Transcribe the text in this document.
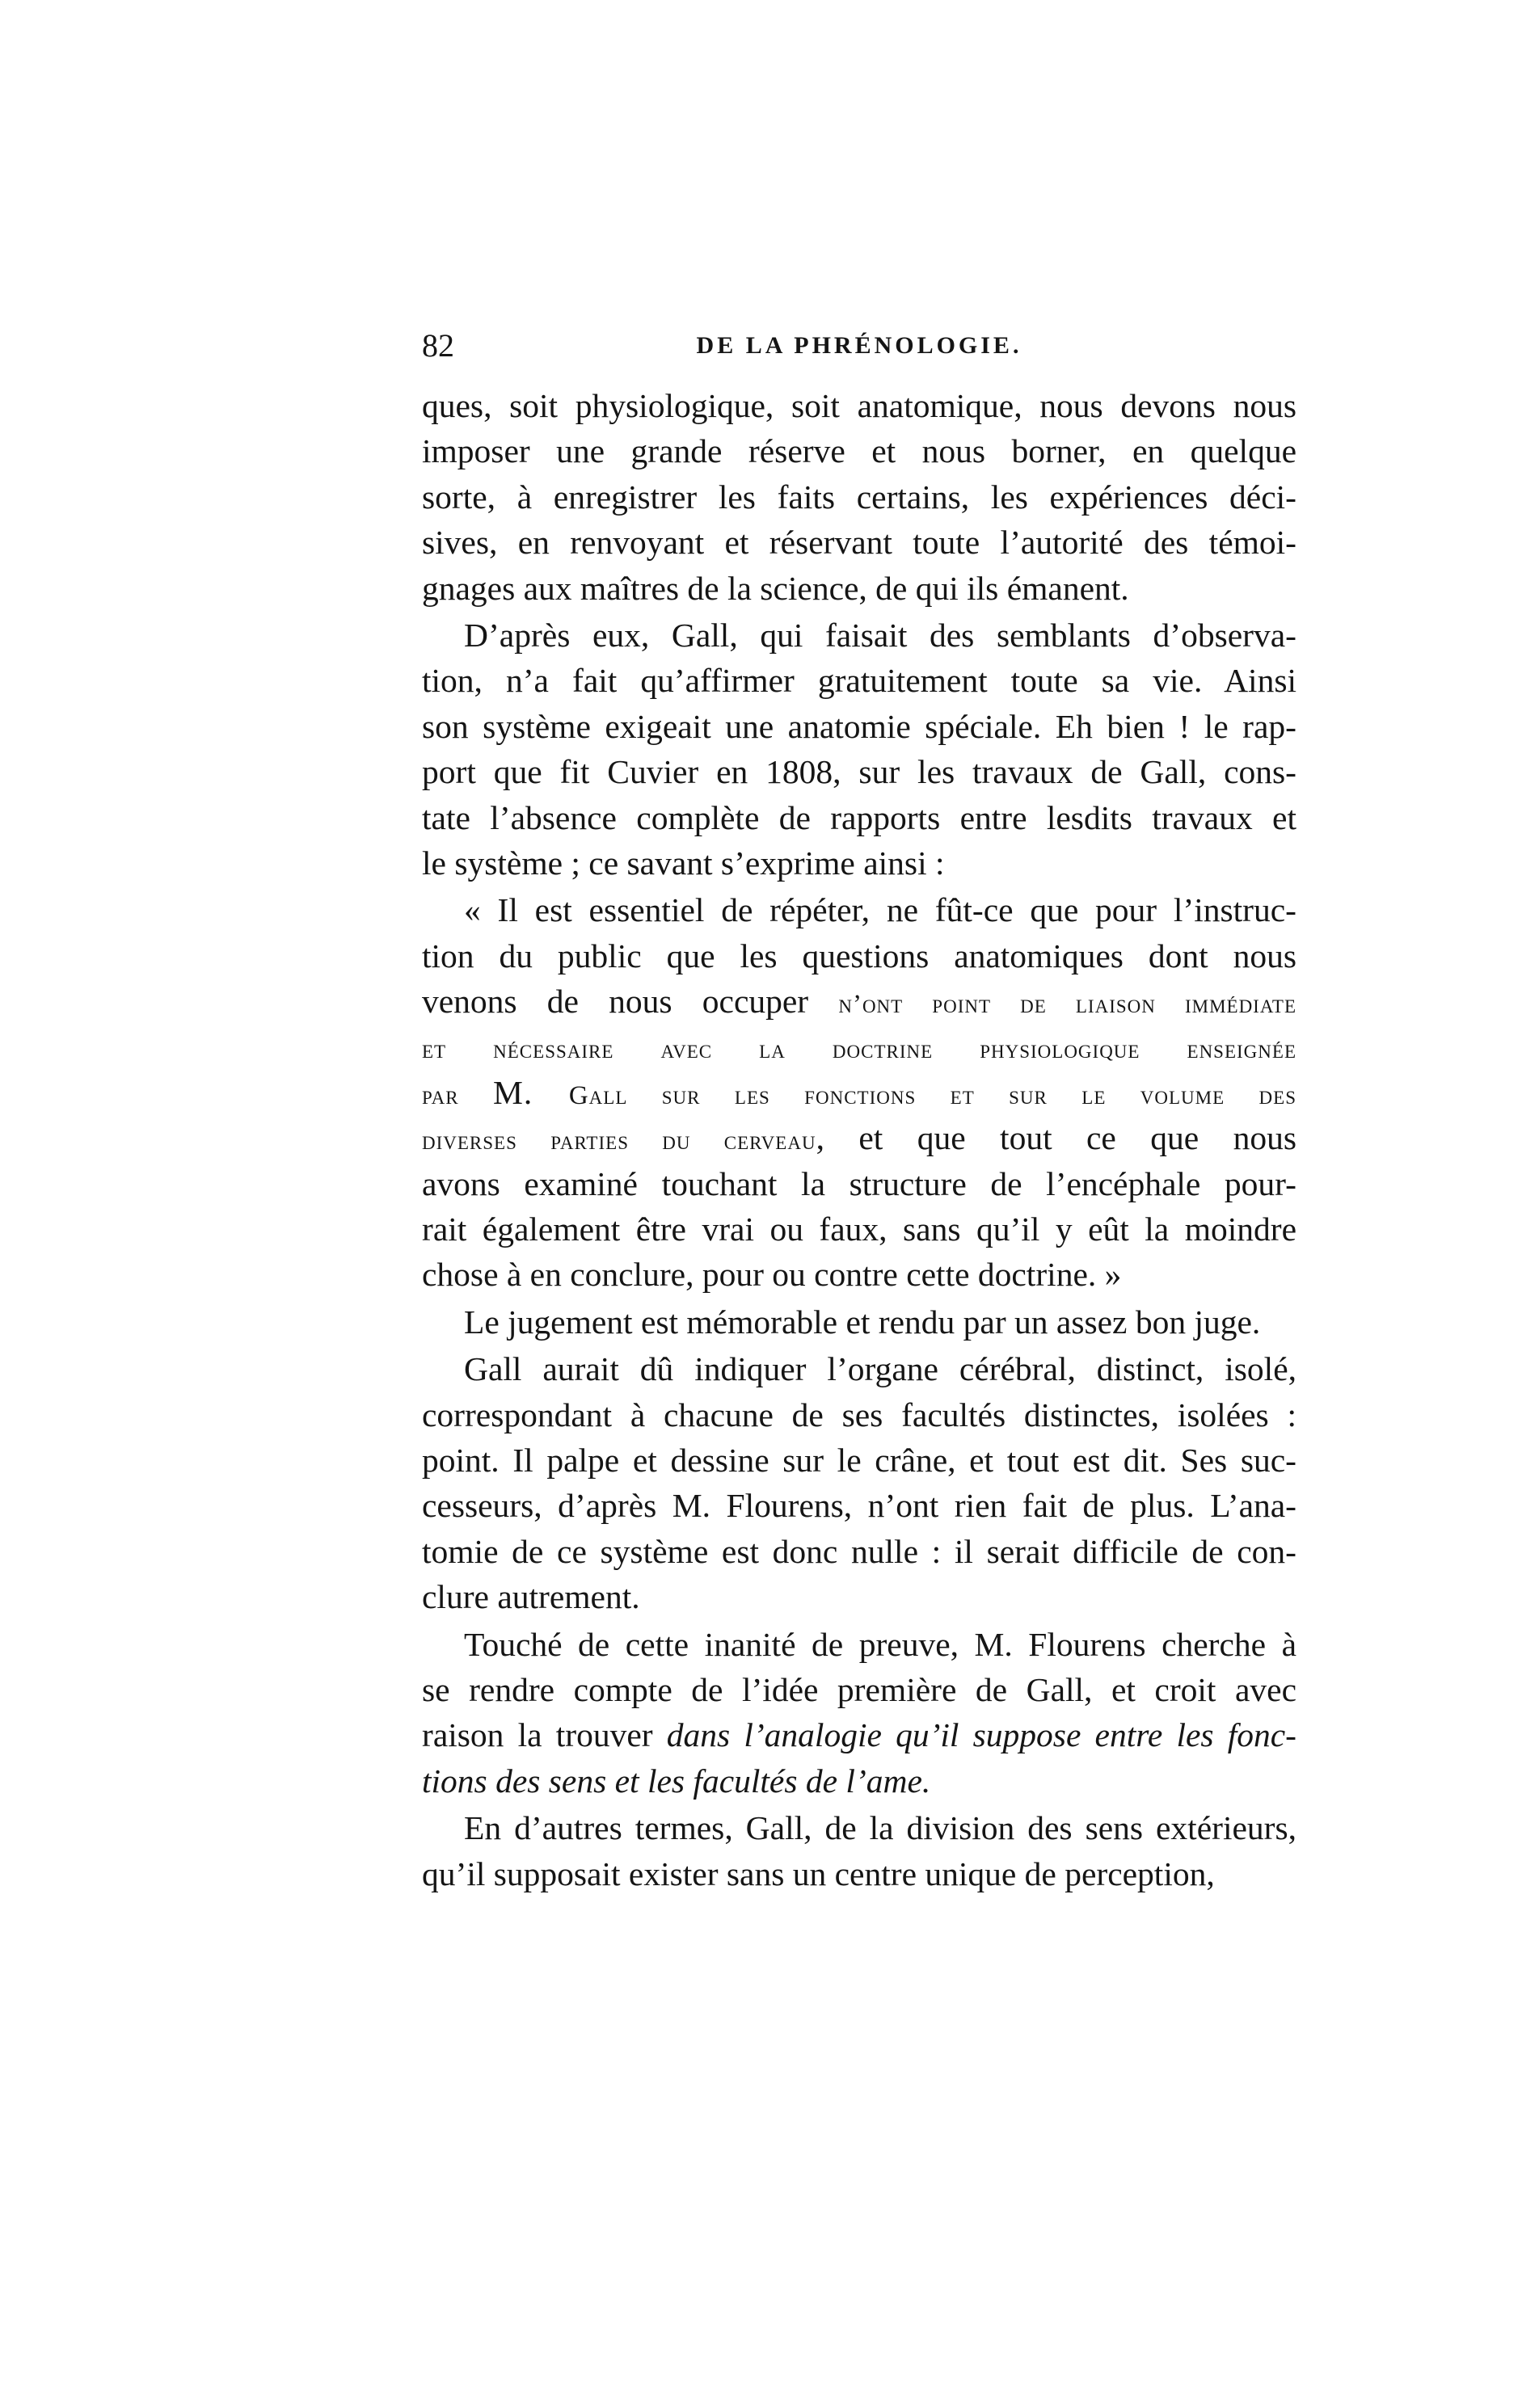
82	DE LA PHRÉNOLOGIE.
ques, soit physiologique, soit anatomique, nous devons nous
imposer une grande réserve et nous borner, en quelque
sorte, à enregistrer les faits certains, les expériences déci-
sives, en renvoyant et réservant toute l’autorité des témoi-
gnages aux maîtres de la science, de qui ils émanent.
D’après eux, Gall, qui faisait des semblants d’observa-
tion, n’a fait qu’affirmer gratuitement toute sa vie. Ainsi
son système exigeait une anatomie spéciale. Eh bien ! le rap-
port que fit Cuvier en 1808, sur les travaux de Gall, cons-
tate l’absence complète de rapports entre lesdits travaux et
le système ; ce savant s’exprime ainsi :
« Il est essentiel de répéter, ne fût-ce que pour l’instruc-
tion du public que les questions anatomiques dont nous
venons de nous occuper n’ont point de liaison immédiate
et nécessaire avec la doctrine physiologique enseignée
par M. Gall sur les fonctions et sur le volume des
diverses parties du cerveau, et que tout ce que nous
avons examiné touchant la structure de l’encéphale pour-
rait également être vrai ou faux, sans qu’il y eût la moindre
chose à en conclure, pour ou contre cette doctrine. »
Le jugement est mémorable et rendu par un assez bon juge.
Gall aurait dû indiquer l’organe cérébral, distinct, isolé,
correspondant à chacune de ses facultés distinctes, isolées :
point. Il palpe et dessine sur le crâne, et tout est dit. Ses suc-
cesseurs, d’après M. Flourens, n’ont rien fait de plus. L’ana-
tomie de ce système est donc nulle : il serait difficile de con-
clure autrement.
Touché de cette inanité de preuve, M. Flourens cherche à
se rendre compte de l’idée première de Gall, et croit avec
raison la trouver dans l’analogie qu’il suppose entre les fonc-
tions des sens et les facultés de l’ame.
En d’autres termes, Gall, de la division des sens extérieurs,
qu’il supposait exister sans un centre unique de perception,
